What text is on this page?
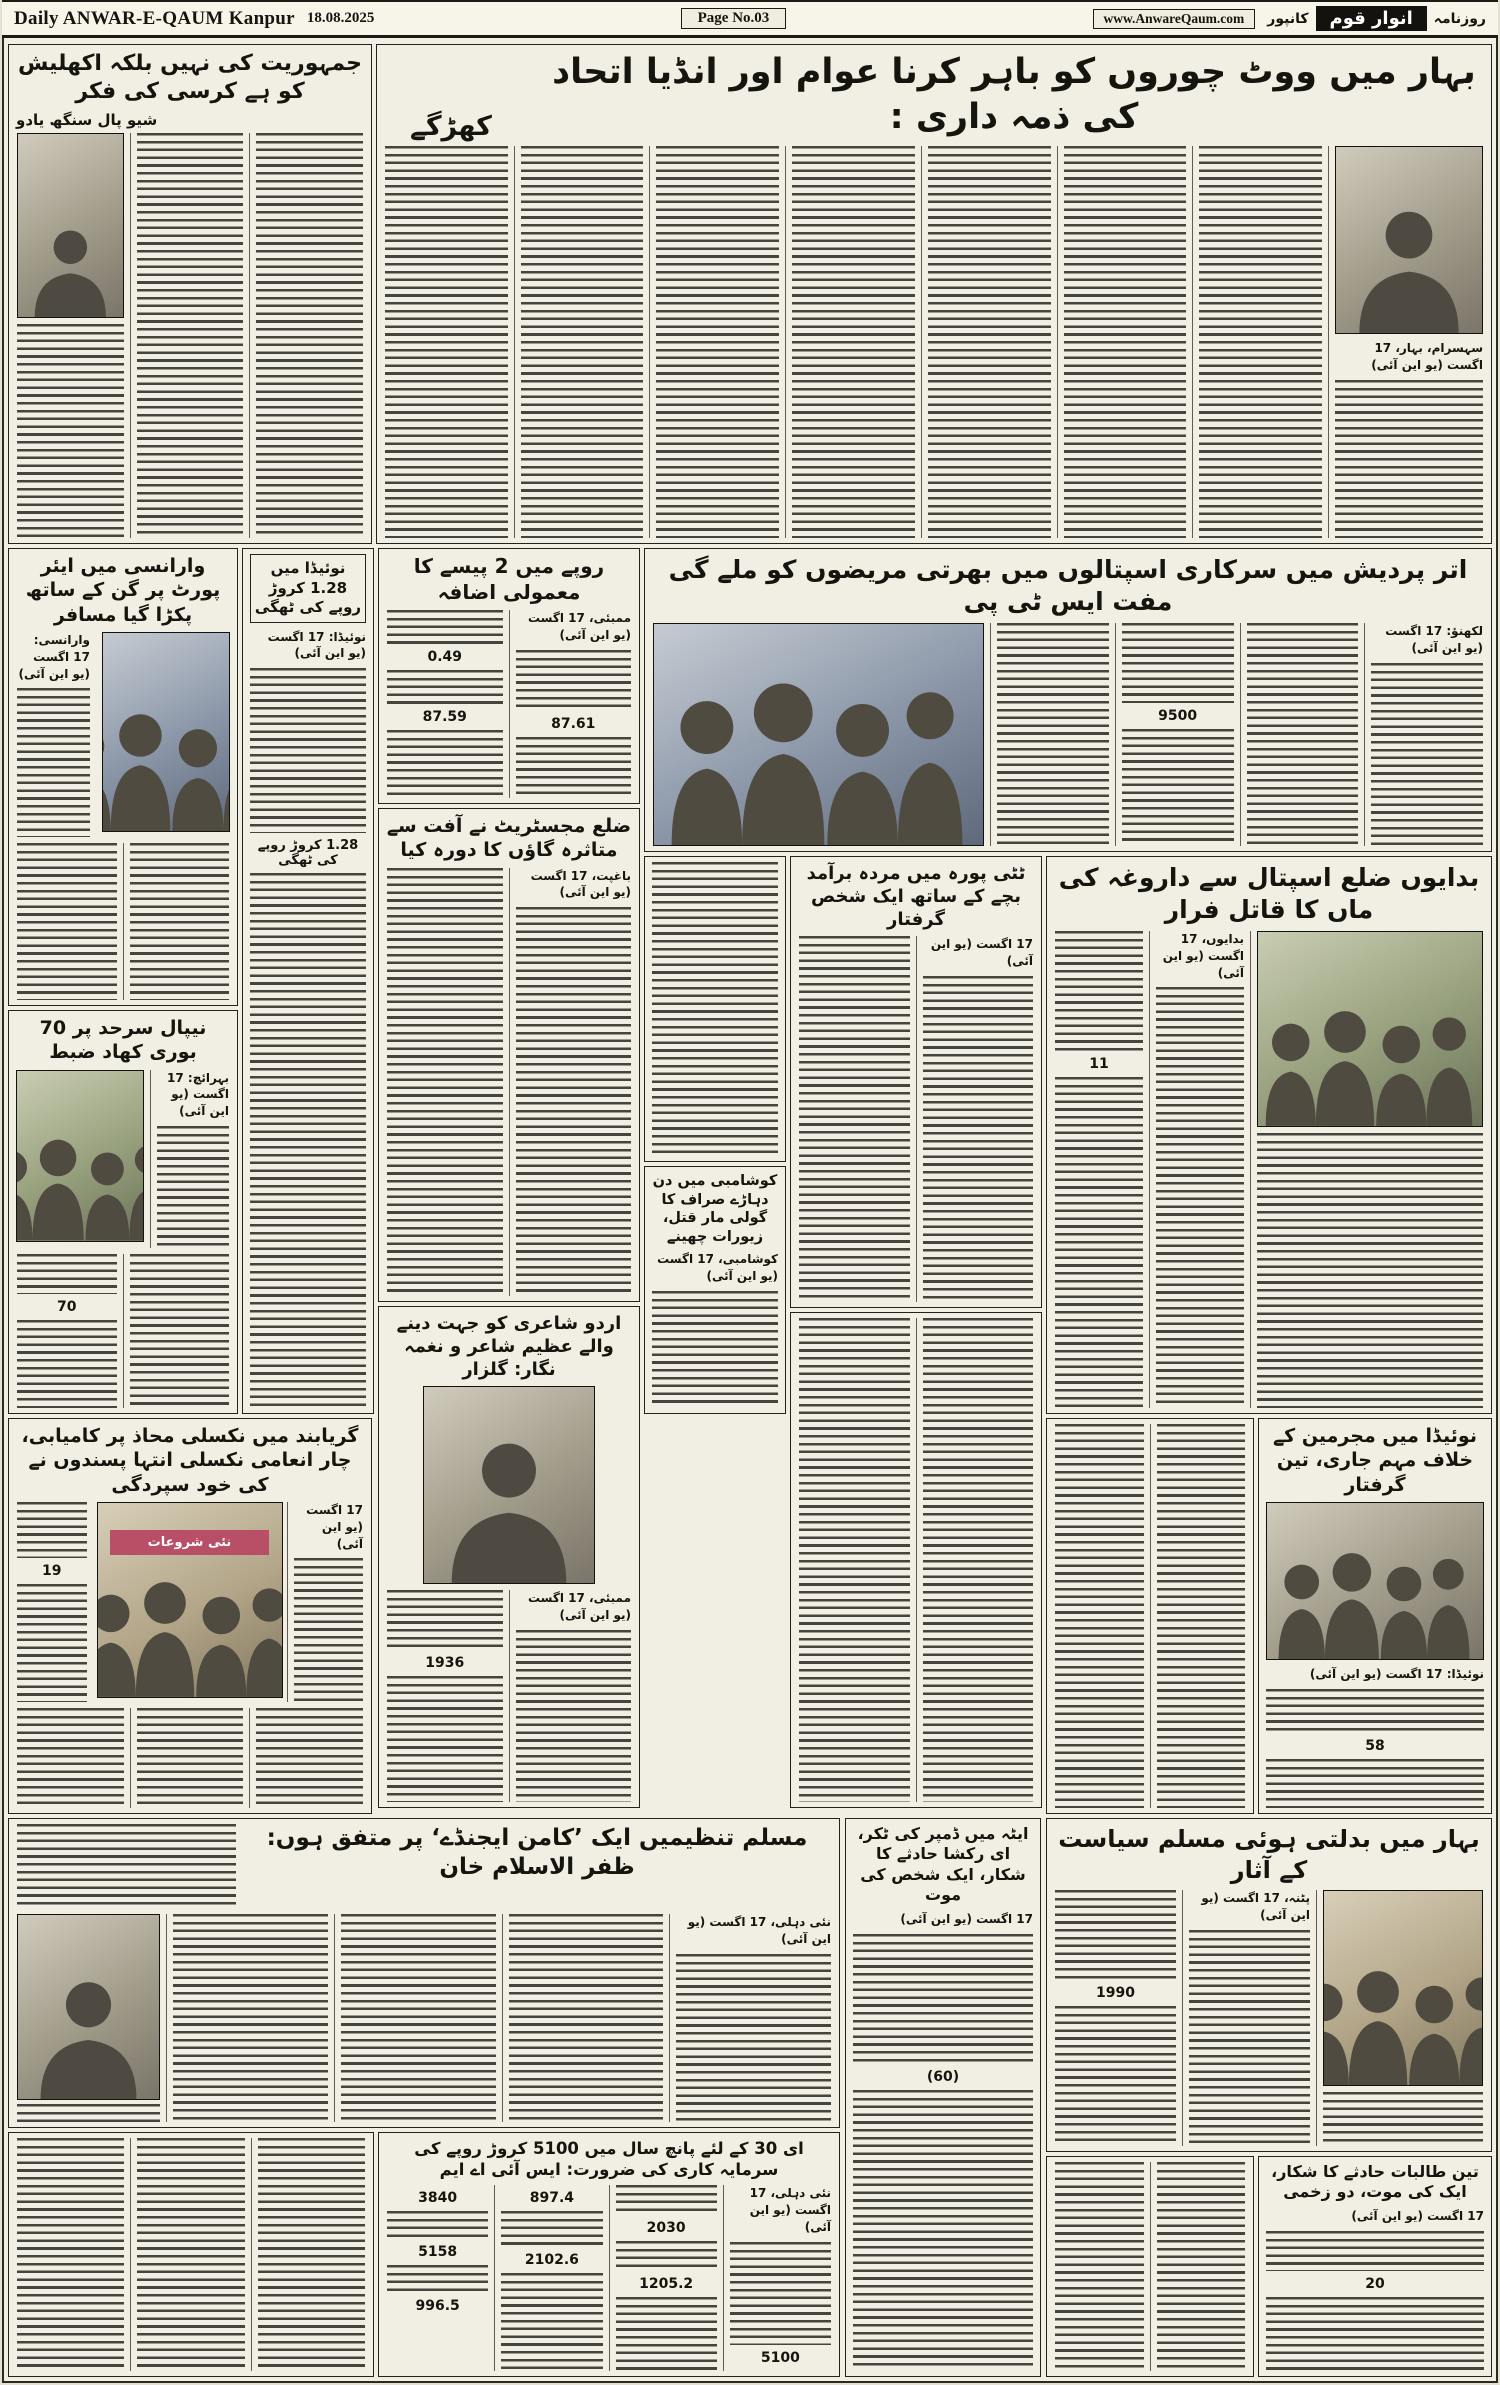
Daily ANWAR-E-QAUM Kanpur 18.08.2025	Page No.03	www.AnwareQaum.com	روزنامہ
انوار قوم
کانپور
جمہوریت کی نہیں بلکہ اکھلیش کو ہے کرسی کی فکر

شیو پال سنگھ یادو

بہار میں ووٹ چوروں کو باہر کرنا عوام اور انڈیا اتحاد کی ذمہ داری :
کھڑگے

سہسرام، بہار، 17 اگست (یو این آئی)

وارانسی میں ایئر پورٹ پر گن کے ساتھ پکڑا گیا مسافر

وارانسی: 17 اگست (یو این آئی)

نیپال سرحد پر 70 بوری کھاد ضبط

بہرائچ: 17 اگست (یو این آئی)

70

نوئیڈا میں 1.28 کروڑ روپے کی ٹھگی

نوئیڈا: 17 اگست (یو این آئی)

1.28 کروڑ روپے کی ٹھگی

روپے میں 2 پیسے کا معمولی اضافہ

ممبئی، 17 اگست (یو این آئی)

87.61

0.49

87.59

ضلع مجسٹریٹ نے آفت سے متاثرہ گاؤں کا دورہ کیا

باغپت، 17 اگست (یو این آئی)

اردو شاعری کو جہت دینے والے عظیم شاعر و نغمہ نگار: گلزار

ممبئی، 17 اگست (یو این آئی)

1936

اتر پردیش میں سرکاری اسپتالوں میں بھرتی مریضوں کو ملے گی مفت ایس ٹی پی

لکھنؤ: 17 اگست (یو این آئی)

9500

کوشامبی میں دن دہاڑے صراف کا گولی مار قتل، زیورات چھینے

کوشامبی، 17 اگست (یو این آئی)

ٹٹی پورہ میں مردہ برآمد بچے کے ساتھ ایک شخص گرفتار

17 اگست (یو این آئی)

بدایوں ضلع اسپتال سے داروغہ کی ماں کا قاتل فرار

بدایوں، 17 اگست (یو این آئی)

11

نوئیڈا میں مجرمین کے خلاف مہم جاری، تین گرفتار

نوئیڈا: 17 اگست (یو این آئی)

58

گریابند میں نکسلی محاذ پر کامیابی، چار انعامی نکسلی انتہا پسندوں نے کی خود سپردگی

17 اگست (یو این آئی)

نئی شروعات

19

مسلم تنظیمیں ایک ’کامن ایجنڈے‘ پر متفق ہوں: ظفر الاسلام خان

نئی دہلی، 17 اگست (یو این آئی)

ای 30 کے لئے پانچ سال میں 5100 کروڑ روپے کی سرمایہ کاری کی ضرورت: ایس آئی اے ایم

نئی دہلی، 17 اگست (یو این آئی)

5100

2030

1205.2

897.4

2102.6

3840

5158

996.5

ایٹہ میں ڈمپر کی ٹکر، ای رکشا حادثے کا شکار، ایک شخص کی موت

17 اگست (یو این آئی)

(60)

بہار میں بدلتی ہوئی مسلم سیاست کے آثار

پٹنہ، 17 اگست (یو این آئی)

1990

تین طالبات حادثے کا شکار، ایک کی موت، دو زخمی

17 اگست (یو این آئی)

20
